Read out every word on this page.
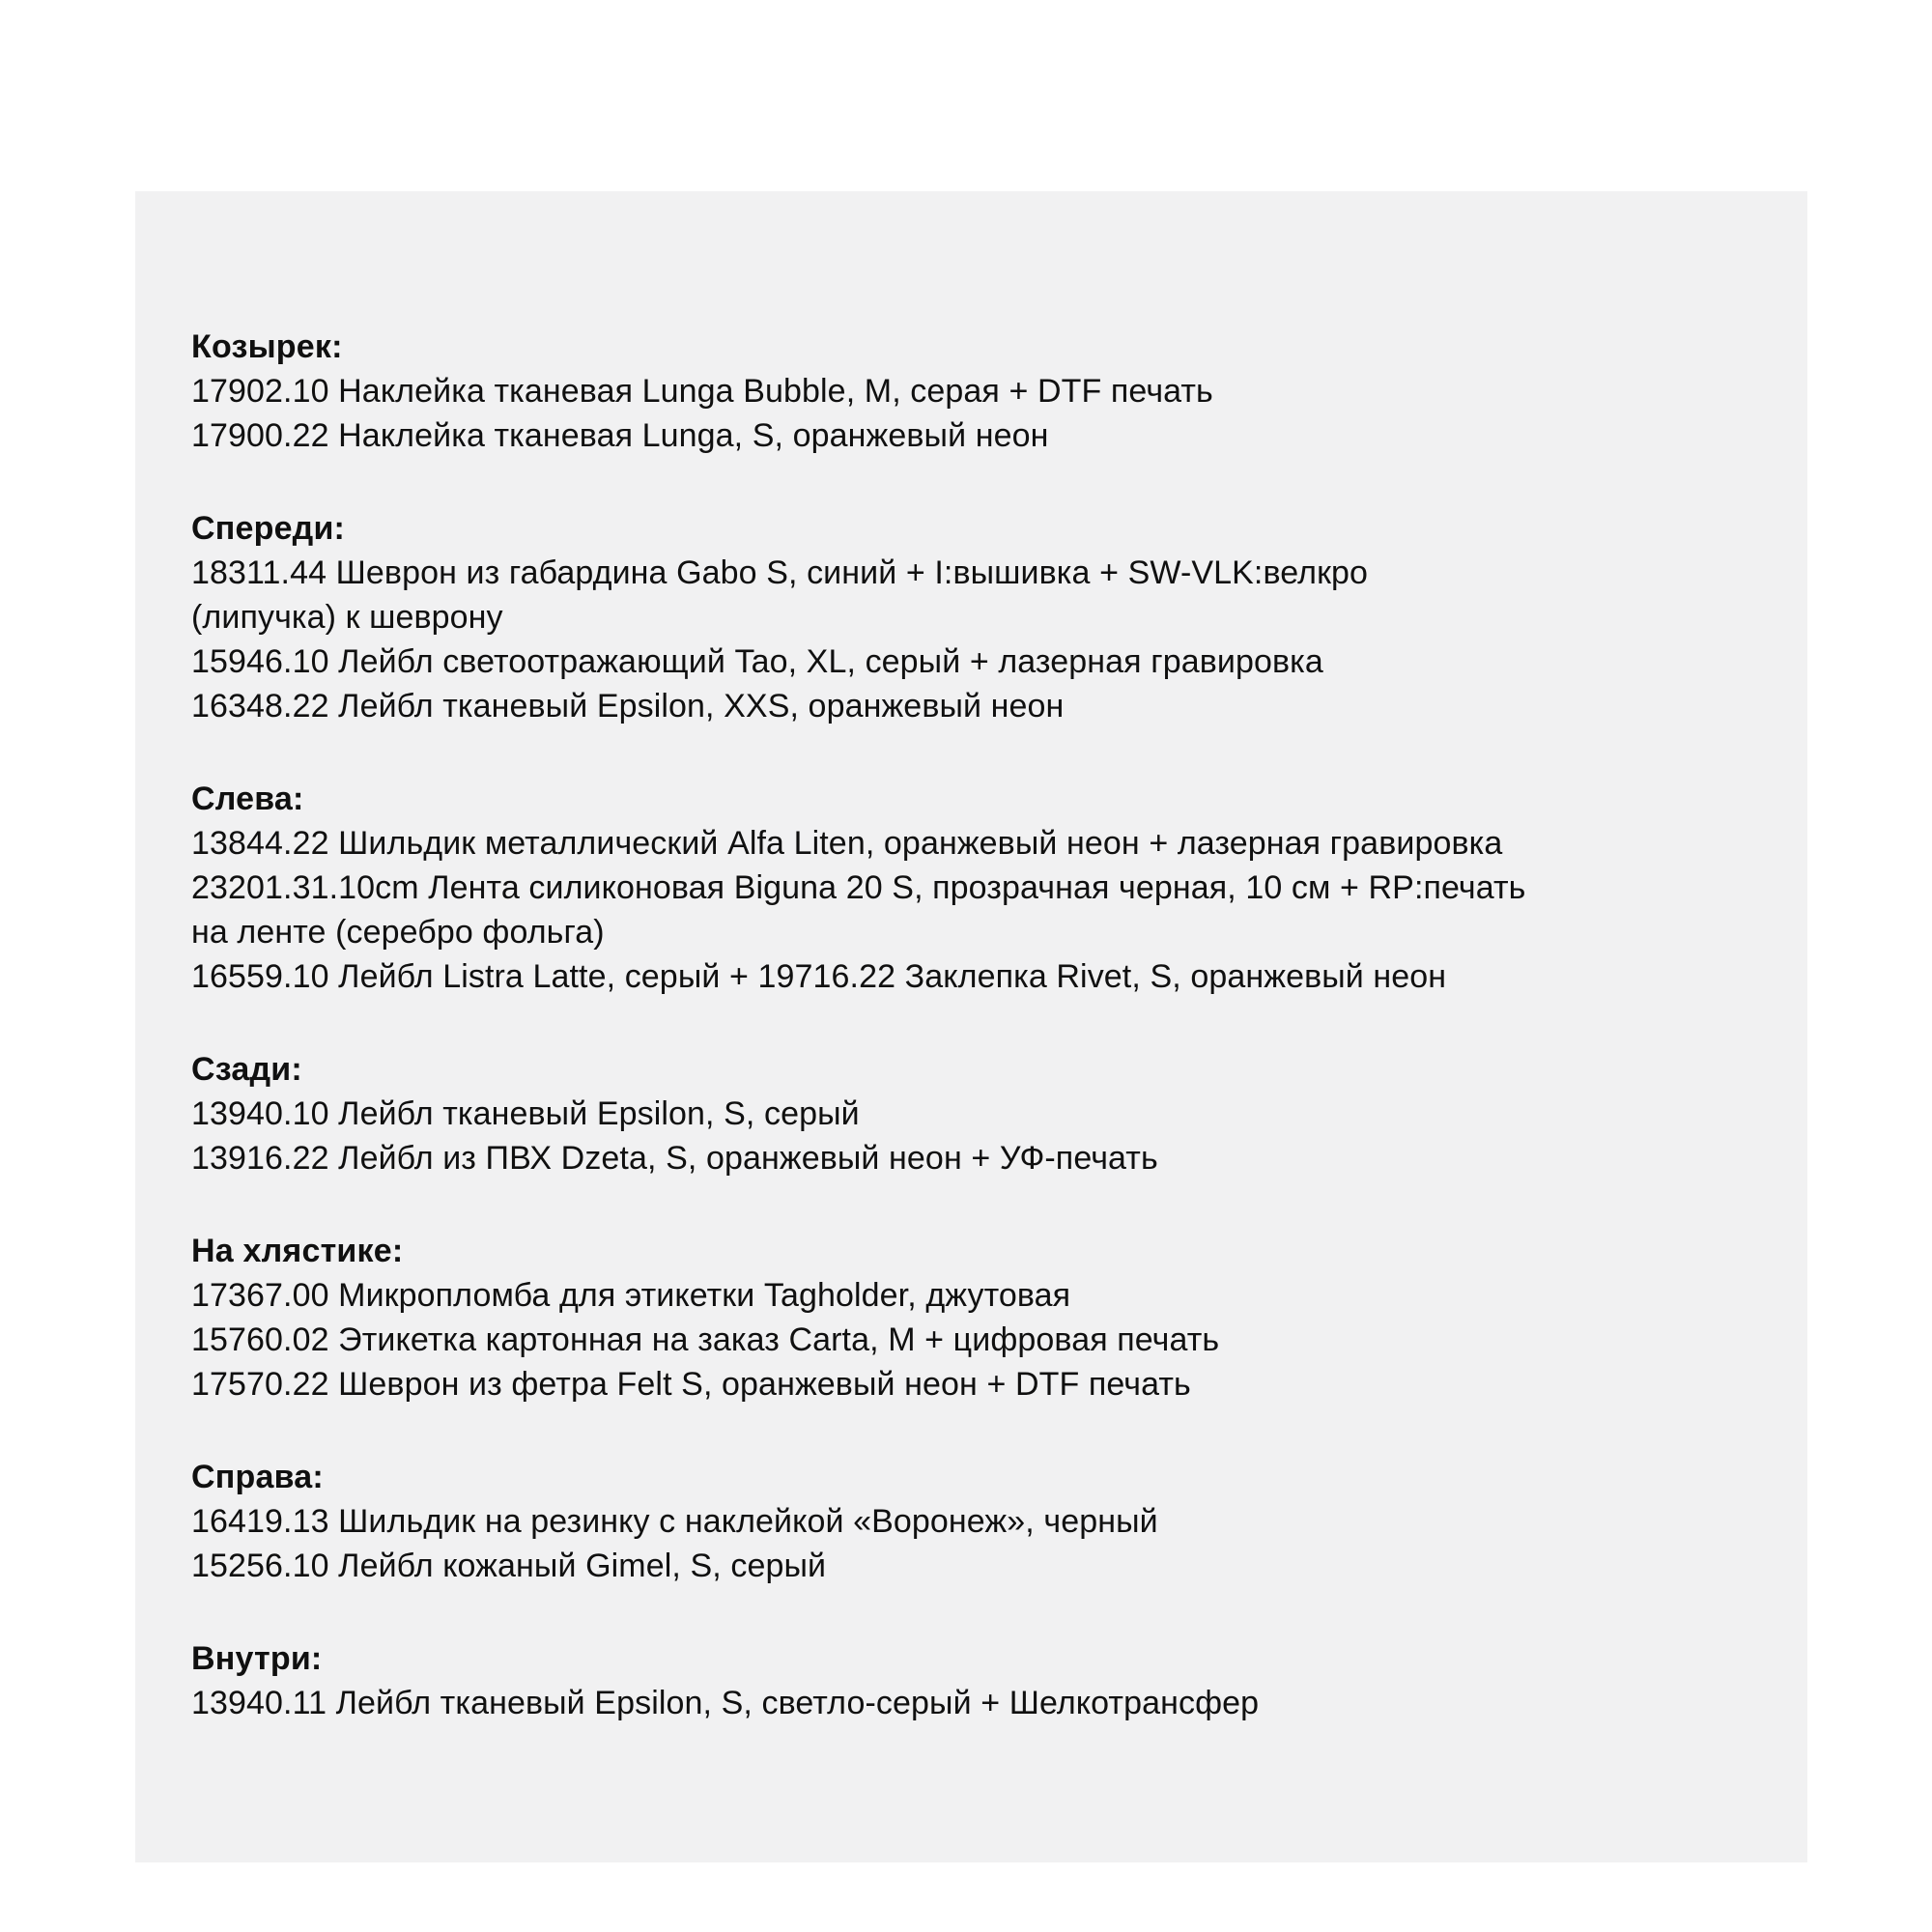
Козырек:
17902.10 Наклейка тканевая Lunga Bubble, M, серая + DTF печать
17900.22 Наклейка тканевая Lunga, S, оранжевый неон
Спереди:
18311.44 Шеврон из габардина Gabo S, синий + I:вышивка + SW-VLK:велкро
(липучка) к шеврону
15946.10 Лейбл светоотражающий Tao, XL, серый + лазерная гравировка
16348.22 Лейбл тканевый Epsilon, XXS, оранжевый неон
Слева:
13844.22 Шильдик металлический Alfa Liten, оранжевый неон + лазерная гравировка
23201.31.10cm Лента силиконовая Biguna 20 S, прозрачная черная, 10 см + RP:печать
на ленте (серебро фольга)
16559.10 Лейбл Listra Latte, серый + 19716.22 Заклепка Rivet, S, оранжевый неон
Сзади:
13940.10 Лейбл тканевый Epsilon, S, серый
13916.22 Лейбл из ПВХ Dzeta, S, оранжевый неон + УФ-печать
На хлястике:
17367.00 Микропломба для этикетки Tagholder, джутовая
15760.02 Этикетка картонная на заказ Carta, M + цифровая печать
17570.22 Шеврон из фетра Felt S, оранжевый неон + DTF печать
Справа:
16419.13 Шильдик на резинку с наклейкой «Воронеж», черный
15256.10 Лейбл кожаный Gimel, S, серый
Внутри:
13940.11 Лейбл тканевый Epsilon, S, светло-серый + Шелкотрансфер
